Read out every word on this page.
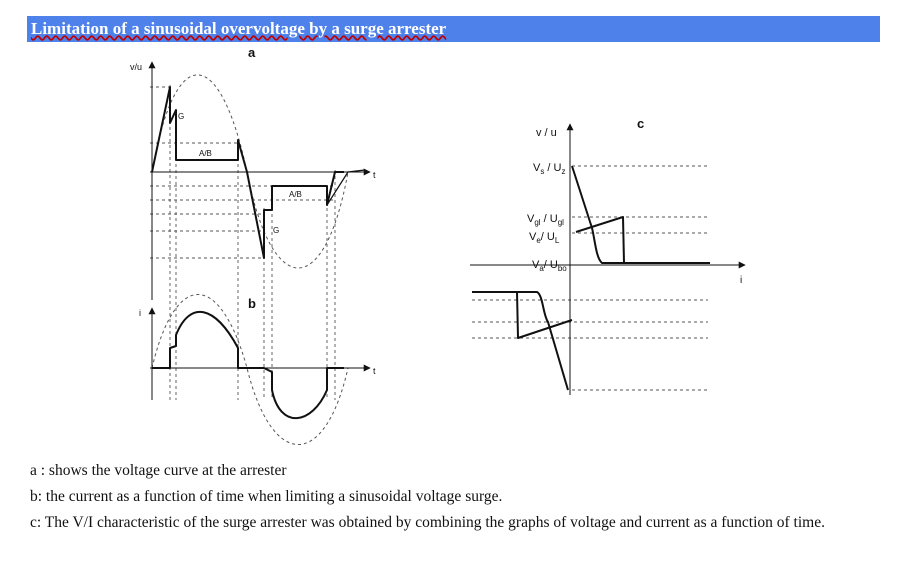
Limitation of a sinusoidal overvoltage by a surge arrester
a
v/u
t
G
A/B
A/B
G
b
i
t
c
v / u
i
$V_s / U_z$
$V_{gl} / U_{gl}$
$V_e/$ $U_L$
$V_a/$ $U_{bo}$
a : shows the voltage curve at the arrester
b: the current as a function of time when limiting a sinusoidal voltage surge.
c: The V/I characteristic of the surge arrester was obtained by combining the graphs of voltage and current as a function of time.
